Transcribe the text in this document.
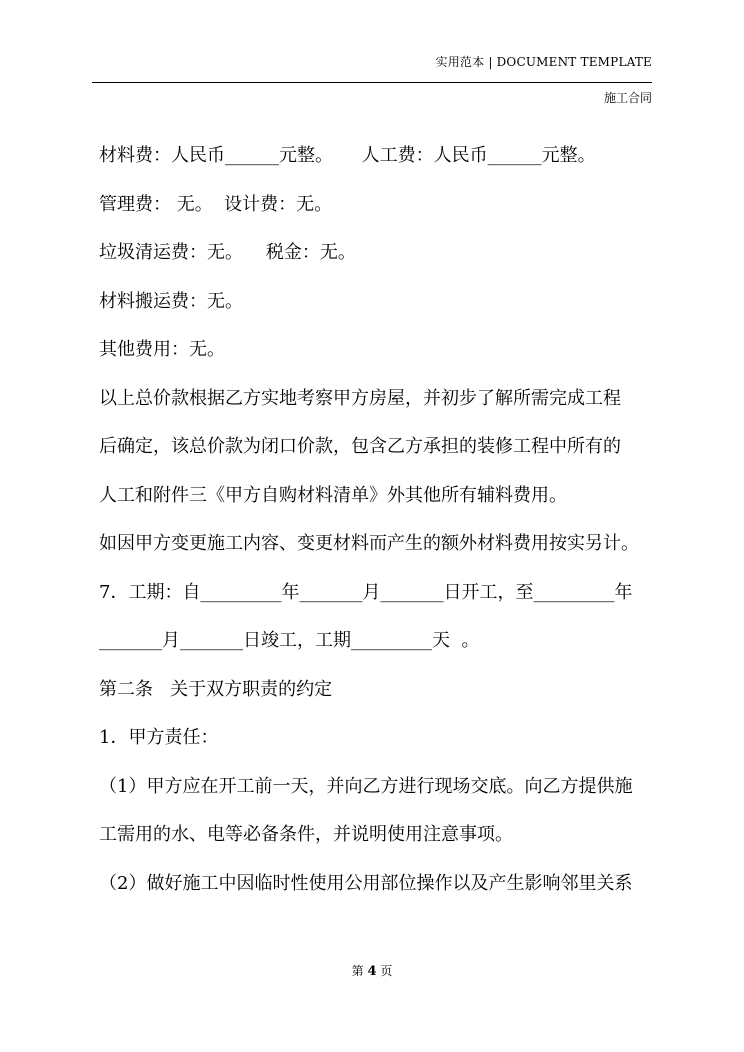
实用范本 | DOCUMENT TEMPLATE
施工合同
材料费：人民币______元整。     人工费：人民币______元整。
管理费： 无。  设计费：无。
垃圾清运费：无。    税金：无。
材料搬运费：无。
其他费用：无。
以上总价款根据乙方实地考察甲方房屋，并初步了解所需完成工程
后确定，该总价款为闭口价款，包含乙方承担的装修工程中所有的
人工和附件三《甲方自购材料清单》外其他所有辅料费用。
如因甲方变更施工内容、变更材料而产生的额外材料费用按实另计。
7．工期：自_________年_______月_______日开工，至_________年
_______月_______日竣工，工期_________天  。
第二条   关于双方职责的约定
1．甲方责任：
（1）甲方应在开工前一天，并向乙方进行现场交底。向乙方提供施
工需用的水、电等必备条件，并说明使用注意事项。
（2）做好施工中因临时性使用公用部位操作以及产生影响邻里关系
第 4 页
